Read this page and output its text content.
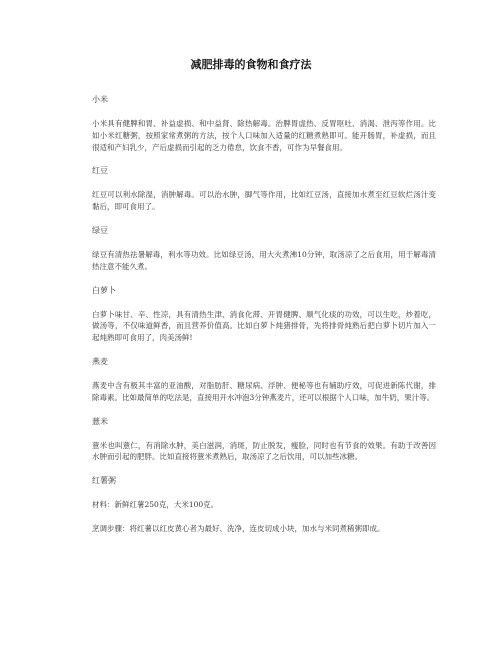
减肥排毒的食物和食疗法

小米

小米具有健脾和胃、补益虚损、和中益肾、除热解毒。治脾胃虚热、反胃呕吐、消渴、泄泻等作用。比如小米红糖粥，按照家常煮粥的方法，按个人口味加入适量的红糖煮熟即可。能开肠胃，补虚损，而且很适和产妇乳少，产后虚损而引起的乏力倦怠，饮食不香，可作为早餐食用。

红豆

红豆可以利水除湿，消肿解毒。可以治水肿，脚气等作用，比如红豆汤，直接加水煮至红豆软烂汤汁变黏后，即可食用了。

绿豆

绿豆有清热祛暑解毒，利水等功效。比如绿豆汤，用大火煮沸10分钟，取汤凉了之后食用，用于解毒清热注意不能久煮。

白萝卜

白萝卜味甘、辛、性凉，具有清热生津、消食化滞、开胃健脾、顺气化痰的功效，可以生吃，炒着吃，做汤等，不仅味道鲜香，而且营养价值高。比如白萝卜炖猪排骨，先将排骨炖熟后把白萝卜切片加入一起炖熟即可食用了，肉美汤鲜!

燕麦

燕麦中含有极其丰富的亚油酸，对脂肪肝、糖尿病、浮肿、便秘等也有辅助疗效，可促进新陈代谢，排除毒素。比如最简单的吃法是，直接用开水冲泡3分钟燕麦片，还可以根据个人口味，加牛奶，果汁等。

薏米

薏米也叫薏仁，有消除水肿，美白滋润，消斑，防止脱发，瘦脸，同时也有节食的效果。有助于改善因水肿而引起的肥胖。比如直接将薏米煮熟后，取汤凉了之后饮用，可以加些冰糖。

红薯粥

材料：新鲜红薯250克，大米100克。

烹调步骤：将红薯以红皮黄心者为最好、洗净，连皮切成小块，加水与米同煮稀粥即成。
